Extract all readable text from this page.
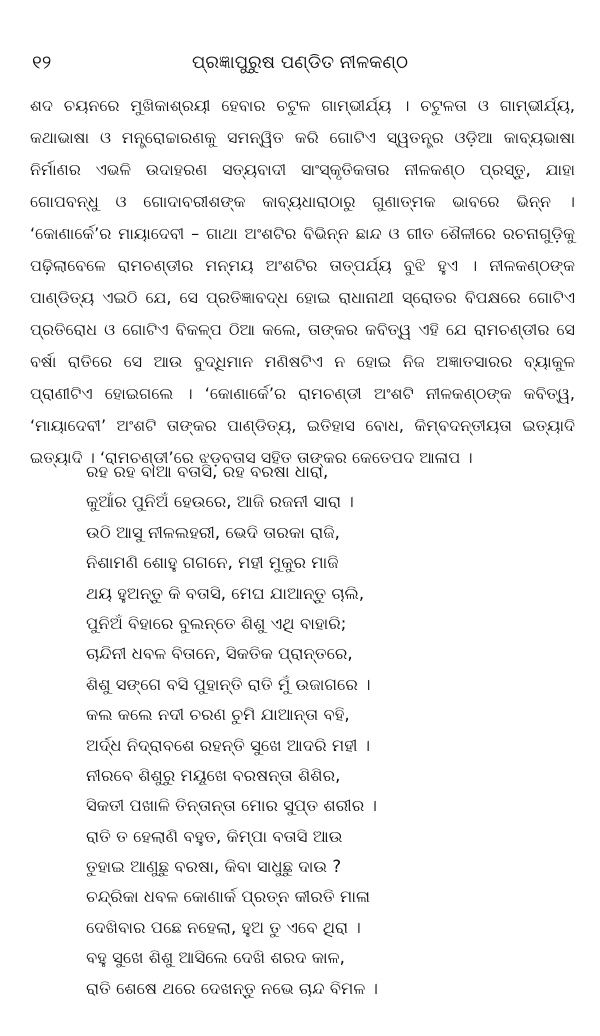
୧୨	ପ୍ରଜ୍ଞାପୁରୁଷ ପଣ୍ଡିତ ନୀଳକଣ୍ଠ

ଶଦ ଚୟନରେ ମୁଖିକାଶ୍ରୟୀ ହେବାର ଚଟୁଳ ଗାମ୍ଭୀର୍ଯ୍ୟ । ଚଟୁଳତା ଓ ଗାମ୍ଭୀର୍ଯ୍ୟ, କଥାଭାଷା ଓ ମନ୍ତ୍ରୋଚ୍ଚାରଣକୁ ସମନ୍ୱିତ କରି ଗୋଟିଏ ସ୍ୱତନ୍ତ୍ର ଓଡ଼ିଆ କାବ୍ୟଭାଷା ନିର୍ମାଣର ଏଭଳି ଉଦାହରଣ ସତ୍ୟବାଦୀ ସାଂସ୍କୃତିକତାର ନୀଳକଣ୍ଠ ପ୍ରସ୍ତୁ, ଯାହା ଗୋପବନ୍ଧୁ ଓ ଗୋଦାବରୀଶଙ୍କ କାବ୍ୟଧାରାଠାରୁ ଗୁଣାତ୍ମକ ଭାବରେ ଭିନ୍ନ । ‘କୋଣାର୍କେ’ର ମାୟାଦେବୀ – ଗାଥା ଅଂଶଟିର ବିଭିନ୍ନ ଛାନ୍ଦ ଓ ଗୀତ ଶୈଳୀରେ ରଚନାଗୁଡ଼ିକୁ ପଢ଼ିଲାବେଳେ ରାମଚଣ୍ଡୀର ମନ୍ମୟ ଅଂଶଟିର ତାତ୍ପର୍ଯ୍ୟ ବୁଝି ହୁଏ । ନୀଳକଣ୍ଠଙ୍କ ପାଣ୍ଡିତ୍ୟ ଏଇଠି ଯେ, ସେ ପ୍ରତିଜ୍ଞାବଦ୍ଧ ହୋଇ ରାଧାନାଥୀ ସ୍ରୋତର ବିପକ୍ଷରେ ଗୋଟିଏ ପ୍ରତିରୋଧ ଓ ଗୋଟିଏ ବିକଳ୍ପ ଠିଆ କଲେ, ତାଙ୍କର କବିତ୍ୱ ଏହି ଯେ ରାମଚଣ୍ଡୀର ସେ ବର୍ଷା ରାତିରେ ସେ ଆଉ ବୁଦ୍ଧିମାନ ମଣିଷଟିଏ ନ ହୋଇ ନିଜ ଅଜ୍ଞାତସାରର ବ୍ୟାକୁଳ ପ୍ରାଣୀଟିଏ ହୋଇଗଲେ । ‘କୋଣାର୍କେ’ର ରାମଚଣ୍ଡୀ ଅଂଶଟି ନୀଳକଣ୍ଠଙ୍କ କବିତ୍ୱ, ‘ମାୟାଦେବୀ’ ଅଂଶଟି ତାଙ୍କର ପାଣ୍ଡିତ୍ୟ, ଇତିହାସ ବୋଧ, କିମ୍ବଦନ୍ତୀୟତା ଇତ୍ୟାଦି ଇତ୍ୟାଦି । ‘ରାମଚଣ୍ଡୀ’ରେ ଝଡ଼ବତାସ ସହିତ ତାଙ୍କର କେତେପଦ ଆଳାପ ।

ରହ ରହ ବାଆ ବତାସି, ରହ ବରଷା ଧାରା,
କୁଆଁର ପୁନିଅଁ ହେଉରେ, ଆଜି ରଜନୀ ସାରା ।
ଉଠି ଆସୁ ନୀଳଲହରୀ, ଭେଦି ତାରକା ରାଜି,
ନିଶାମଣି ଶୋହୁ ଗଗନେ, ମହୀ ମୁକୁର ମାଜି
ଥୟ ହୁଅନ୍ତୁ କି ବତାସି, ମେଘ ଯାଆନ୍ତୁ ଚାଲି,
ପୁନିଅଁ ବିହାରେ ବୁଲନ୍ତେ ଶିଶୁ ଏଥି ବାହାରି;
ଚାନ୍ଦିନୀ ଧବଳ ବିତାନେ, ସିକତିକ ପ୍ରାନ୍ତରେ,
ଶିଶୁ ସଙ୍ଗେ ବସି ପୁହାନ୍ତି ରାତି ମୁଁ ଉଜାଗରେ ।
କଲ କଲେ ନଦୀ ଚରଣ ଚୁମି ଯାଆନ୍ତା ବହି,
ଅର୍ଦ୍ଧ ନିଦ୍ରାବଶେ ରହନ୍ତି ସୁଖେ ଆଦରି ମହୀ ।
ନୀରବେ ଶିଶୁରୁ ମୟୂଖେ ବରଷନ୍ତା ଶିଶିର,
ସିକତୀ ପଖାଳି ତିନ୍ତାନ୍ତା ମୋର ସୁପ୍ତ ଶରୀର ।
ରାତି ତ ହେଲାଣି ବହୁତ, କିମ୍ପା ବତାସି ଆଉ
ତୁହାଇ ଆଣୁଛୁ ବରଷା, କିବା ସାଧୁଛୁ ଦାଉ ?
ଚନ୍ଦ୍ରିକା ଧବଳ କୋଣାର୍କ ପ୍ରତ୍ନ କୀରତି ମାଳା
ଦେଖିବାର ପଛେ ନହେଲା, ହୁଅ ତୁ ଏବେ ଥିରା ।
ବହୁ ସୁଖେ ଶିଶୁ ଆସିଲେ ଦେଖି ଶରଦ କାଳ,
ରାତି ଶେଷେ ଥରେ ଦେଖନ୍ତୁ ନଭେ ଚାନ୍ଦ ବିମଳ ।
